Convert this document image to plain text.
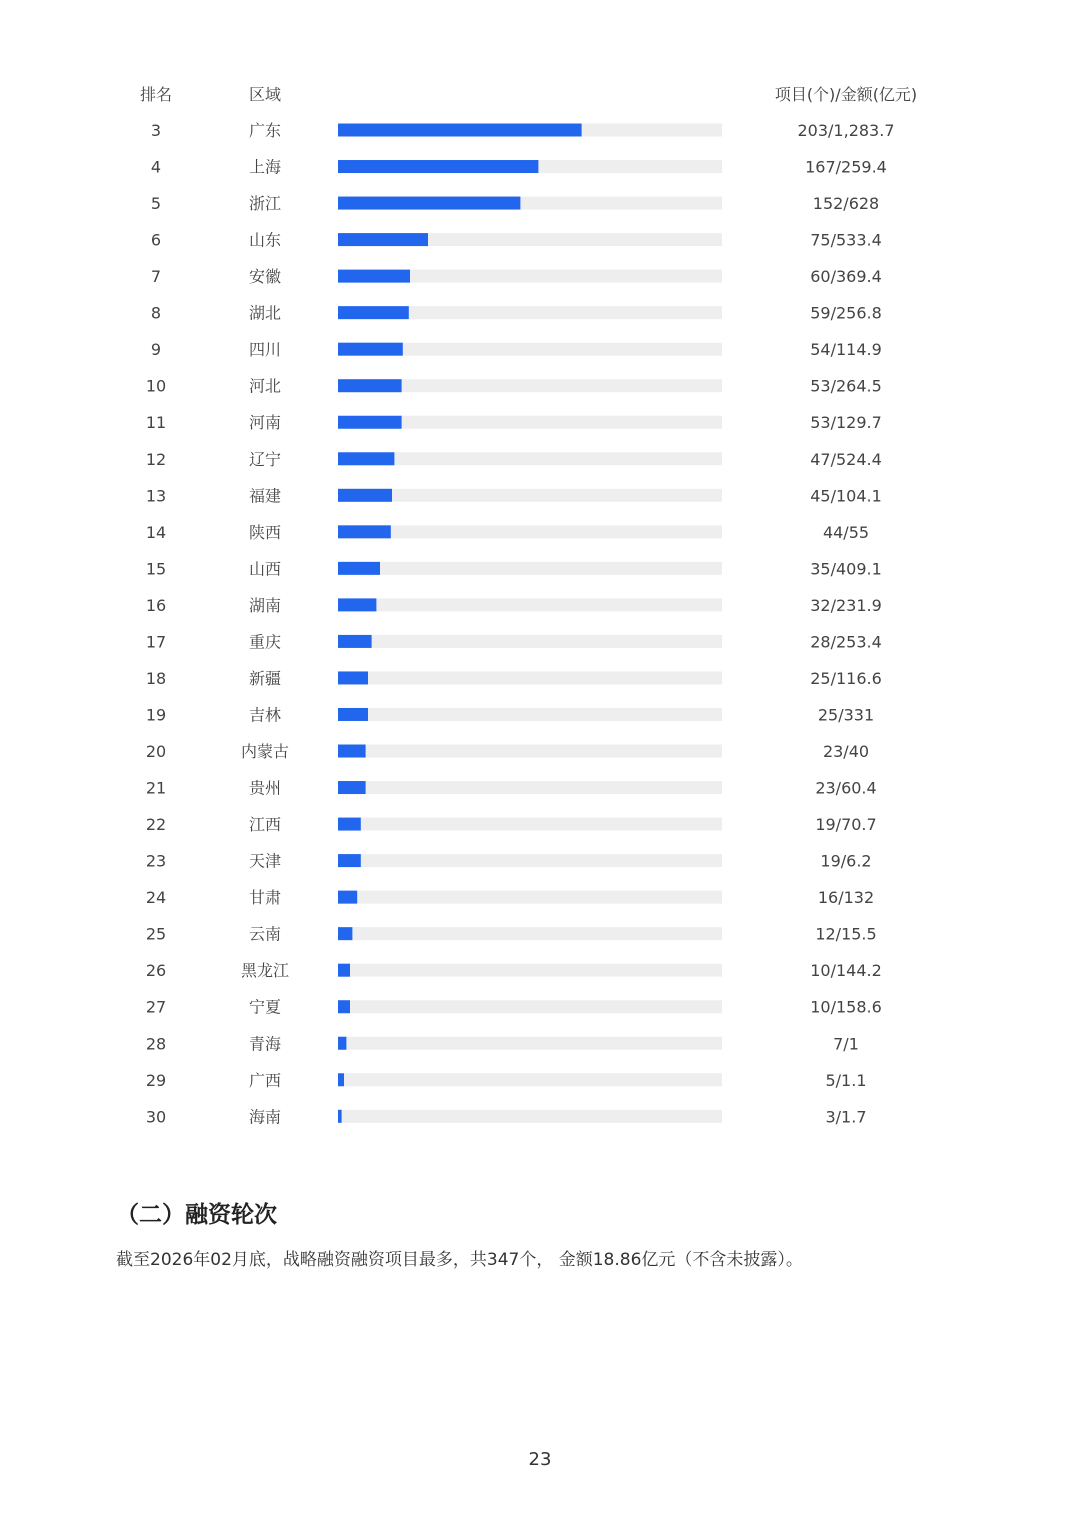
排名	区域	项目(个)/金额(亿元)
3	广东	203/1,283.7
4	上海	167/259.4
5	浙江	152/628
6	山东	75/533.4
7	安徽	60/369.4
8	湖北	59/256.8
9	四川	54/114.9
10	河北	53/264.5
11	河南	53/129.7
12	辽宁	47/524.4
13	福建	45/104.1
14	陕西	44/55
15	山西	35/409.1
16	湖南	32/231.9
17	重庆	28/253.4
18	新疆	25/116.6
19	吉林	25/331
20	内蒙古	23/40
21	贵州	23/60.4
22	江西	19/70.7
23	天津	19/6.2
24	甘肃	16/132
25	云南	12/15.5
26	黑龙江	10/144.2
27	宁夏	10/158.6
28	青海	7/1
29	广西	5/1.1
30	海南	3/1.7
（二）融资轮次
截至2026年02月底，战略融资融资项目最多，共347个， 金额18.86亿元（不含未披露）。
23
